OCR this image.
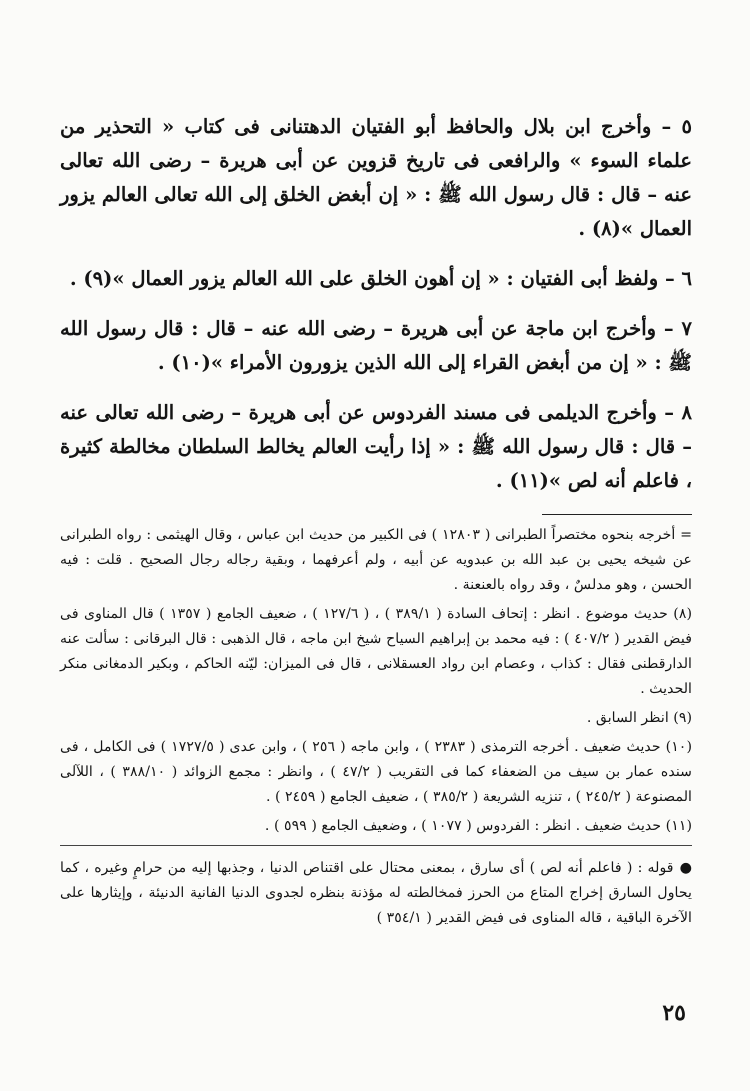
٥ – وأخرج ابن بلال والحافظ أبو الفتيان الدهتنانى فى كتاب « التحذير من علماء السوء » والرافعى فى تاريخ قزوين عن أبى هريرة – رضى الله تعالى عنه – قال : قال رسول الله ﷺ : « إن أبغض الخلق إلى الله تعالى العالم يزور العمال »(٨) .

٦ – ولفظ أبى الفتيان : « إن أهون الخلق على الله العالم يزور العمال »(٩) .

٧ – وأخرج ابن ماجة عن أبى هريرة – رضى الله عنه – قال : قال رسول الله ﷺ : « إن من أبغض القراء إلى الله الذين يزورون الأمراء »(١٠) .

٨ – وأخرج الديلمى فى مسند الفردوس عن أبى هريرة – رضى الله تعالى عنه – قال : قال رسول الله ﷺ : « إذا رأيت العالم يخالط السلطان مخالطة كثيرة ، فاعلم أنه لص »(١١) .

= أخرجه بنحوه مختصراً الطبرانى ( ١٢٨٠٣ ) فى الكبير من حديث ابن عباس ، وقال الهيثمى : رواه الطبرانى عن شيخه يحيى بن عبد الله بن عبدويه عن أبيه ، ولم أعرفهما ، وبقية رجاله رجال الصحيح . قلت : فيه الحسن ، وهو مدلسٌ ، وقد رواه بالعنعنة .

(٨) حديث موضوع . انظر : إتحاف السادة ( ٣٨٩/١ ) ، ( ١٢٧/٦ ) ، ضعيف الجامع ( ١٣٥٧ ) قال المناوى فى فيض القدير ( ٤٠٧/٢ ) : فيه محمد بن إبراهيم السياح شيخ ابن ماجه ، قال الذهبى : قال البرقانى : سألت عنه الدارقطنى فقال : كذاب ، وعصام ابن رواد العسقلانى ، قال فى الميزان: ليّنه الحاكم ، وبكير الدمغانى منكر الحديث .

(٩) انظر السابق .

(١٠) حديث ضعيف . أخرجه الترمذى ( ٢٣٨٣ ) ، وابن ماجه ( ٢٥٦ ) ، وابن عدى ( ١٧٢٧/٥ ) فى الكامل ، فى سنده عمار بن سيف من الضعفاء كما فى التقريب ( ٤٧/٢ ) ، وانظر : مجمع الزوائد ( ٣٨٨/١٠ ) ، اللآلى المصنوعة ( ٢٤٥/٢ ) ، تنزيه الشريعة ( ٣٨٥/٢ ) ، ضعيف الجامع ( ٢٤٥٩ ) .

(١١) حديث ضعيف . انظر : الفردوس ( ١٠٧٧ ) ، وضعيف الجامع ( ٥٩٩ ) .

●قوله : ( فاعلم أنه لص ) أى سارق ، بمعنى محتال على اقتناص الدنيا ، وجذبها إليه من حرامٍ وغيره ، كما يحاول السارق إخراج المتاع من الحرز فمخالطته له مؤذنة بنظره لجدوى الدنيا الفانية الدنيئة ، وإيثارها على الآخرة الباقية ، قاله المناوى فى فيض القدير ( ٣٥٤/١ )

٢٥
